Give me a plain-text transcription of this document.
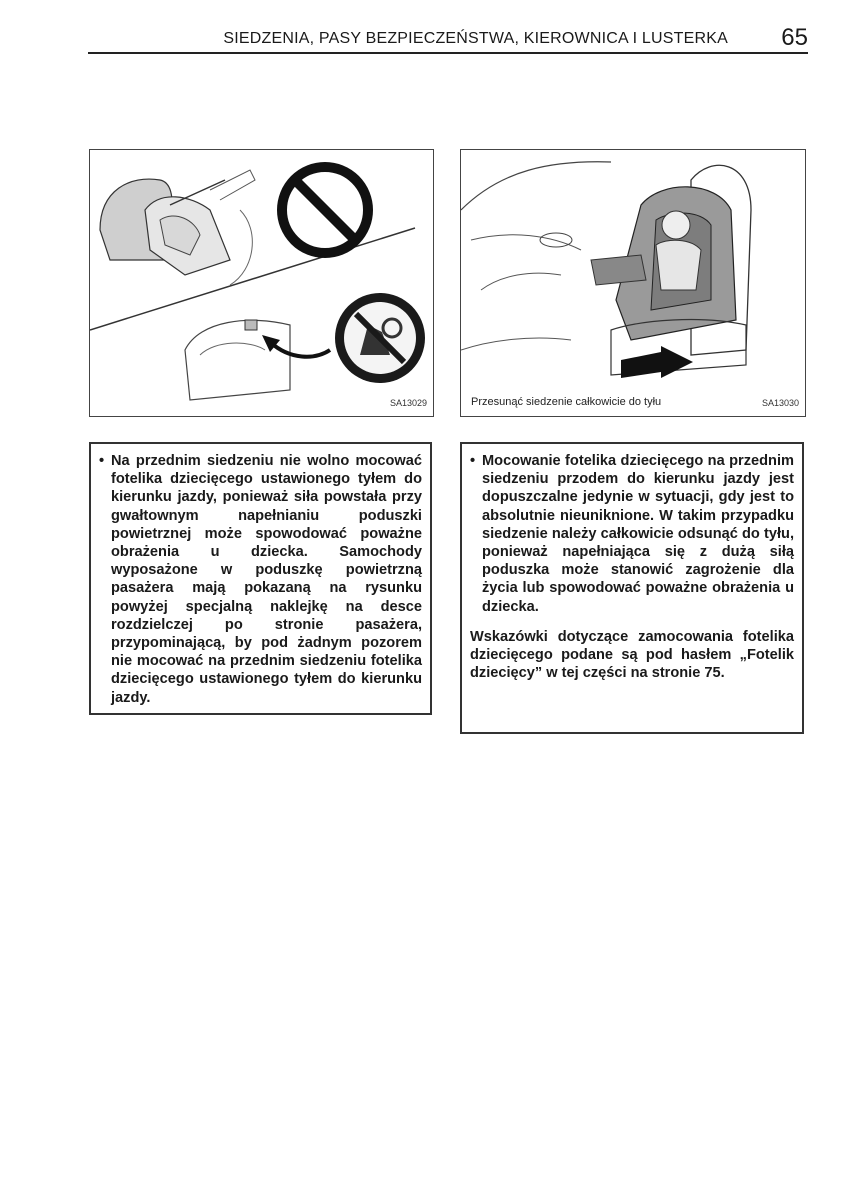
SIEDZENIA, PASY BEZPIECZEŃSTWA, KIEROWNICA I LUSTERKA 65
SA13029	Przesunąć siedzenie całkowicie do tyłu	SA13030
• Na przednim siedzeniu nie wolno mocować fotelika dziecięcego ustawionego tyłem do kierunku jazdy, ponieważ siła powstała przy gwałtownym napełnianiu poduszki powietrznej może spowodować poważne obrażenia u dziecka. Samochody wyposażone w poduszkę powietrzną pasażera mają pokazaną na rysunku powyżej specjalną naklejkę na desce rozdzielczej po stronie pasażera, przypominającą, by pod żadnym pozorem nie mocować na przednim siedzeniu fotelika dziecięcego ustawionego tyłem do kierunku jazdy.
• Mocowanie fotelika dziecięcego na przednim siedzeniu przodem do kierunku jazdy jest dopuszczalne jedynie w sytuacji, gdy jest to absolutnie nieuniknione. W takim przypadku siedzenie należy całkowicie odsunąć do tyłu, ponieważ napełniająca się z dużą siłą poduszka może stanowić zagrożenie dla życia lub spowodować poważne obrażenia u dziecka.
Wskazówki dotyczące zamocowania fotelika dziecięcego podane są pod hasłem „Fotelik dziecięcy” w tej części na stronie 75.
